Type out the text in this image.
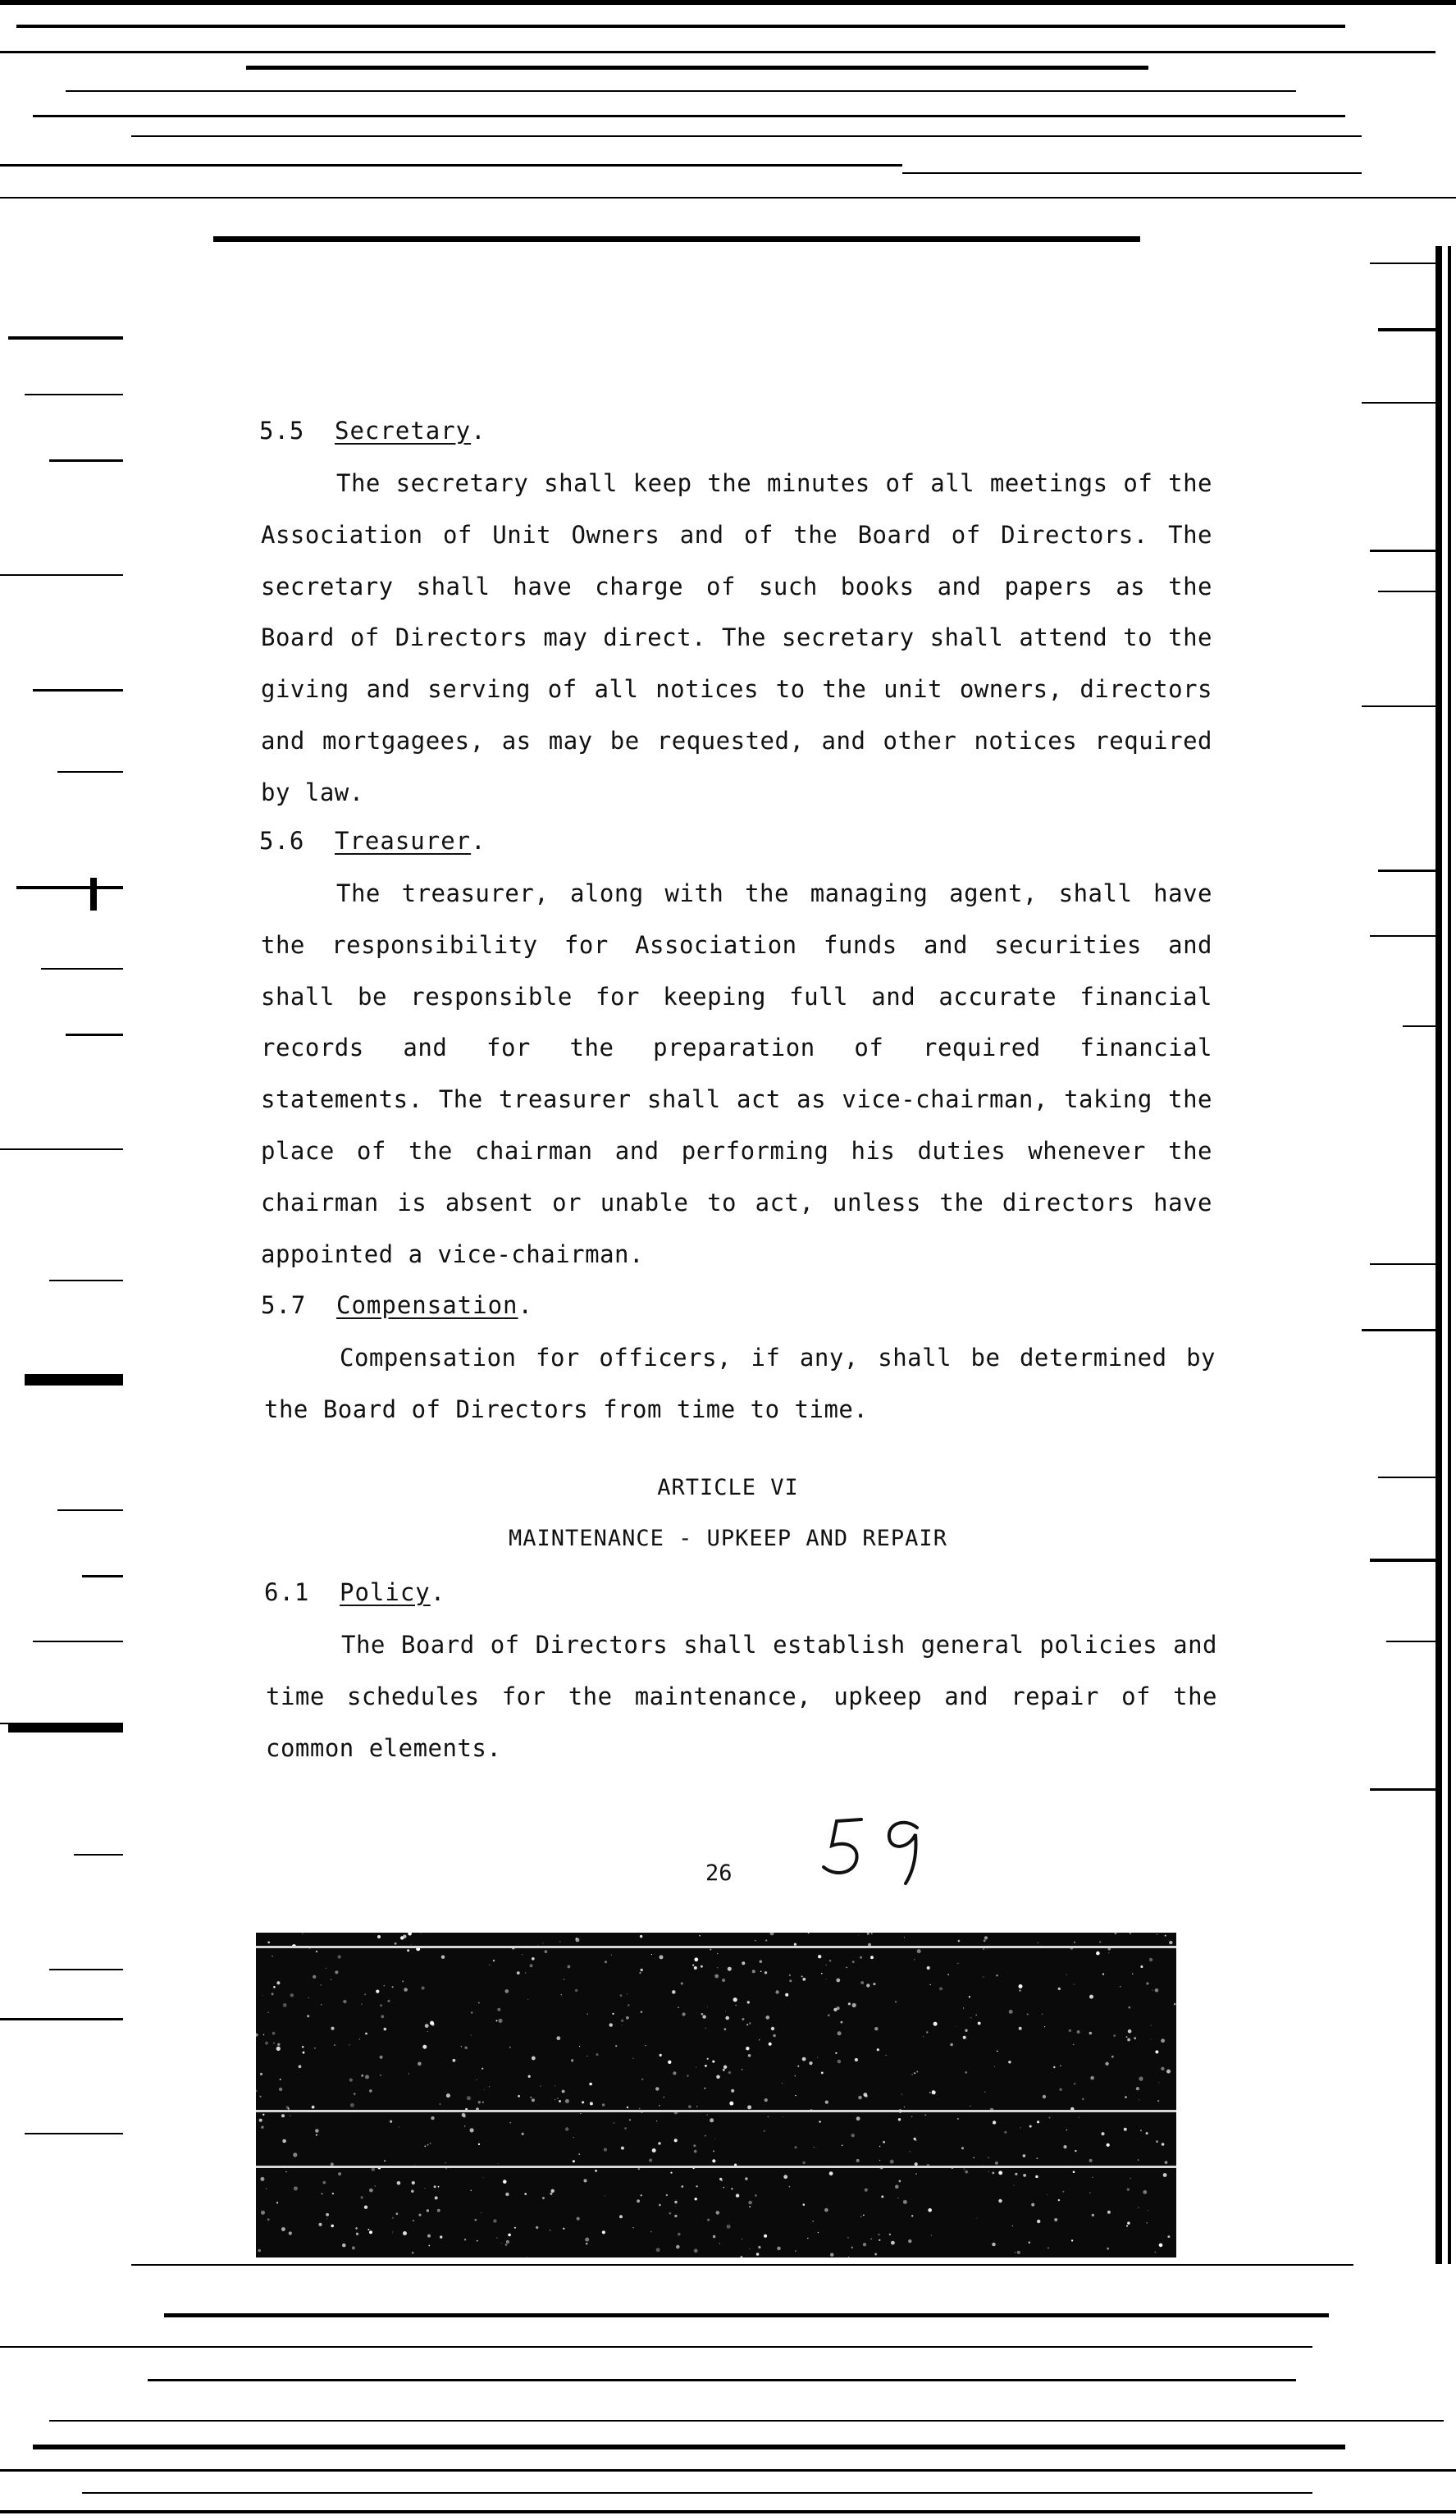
5.5 Secretary.
The secretary shall keep the minutes of all meetings of the Association of Unit Owners and of the Board of Directors. The secretary shall have charge of such books and papers as the Board of Directors may direct. The secretary shall attend to the giving and serving of all notices to the unit owners, directors and mortgagees, as may be requested, and other notices required by law.
5.6 Treasurer.
The treasurer, along with the managing agent, shall have the responsibility for Association funds and securities and shall be responsible for keeping full and accurate financial records and for the preparation of required financial statements. The treasurer shall act as vice-chairman, taking the place of the chairman and performing his duties whenever the chairman is absent or unable to act, unless the directors have appointed a vice-chairman.
5.7 Compensation.
Compensation for officers, if any, shall be determined by the Board of Directors from time to time.
ARTICLE VI
MAINTENANCE - UPKEEP AND REPAIR
6.1 Policy.
The Board of Directors shall establish general policies and time schedules for the maintenance, upkeep and repair of the common elements.
26
